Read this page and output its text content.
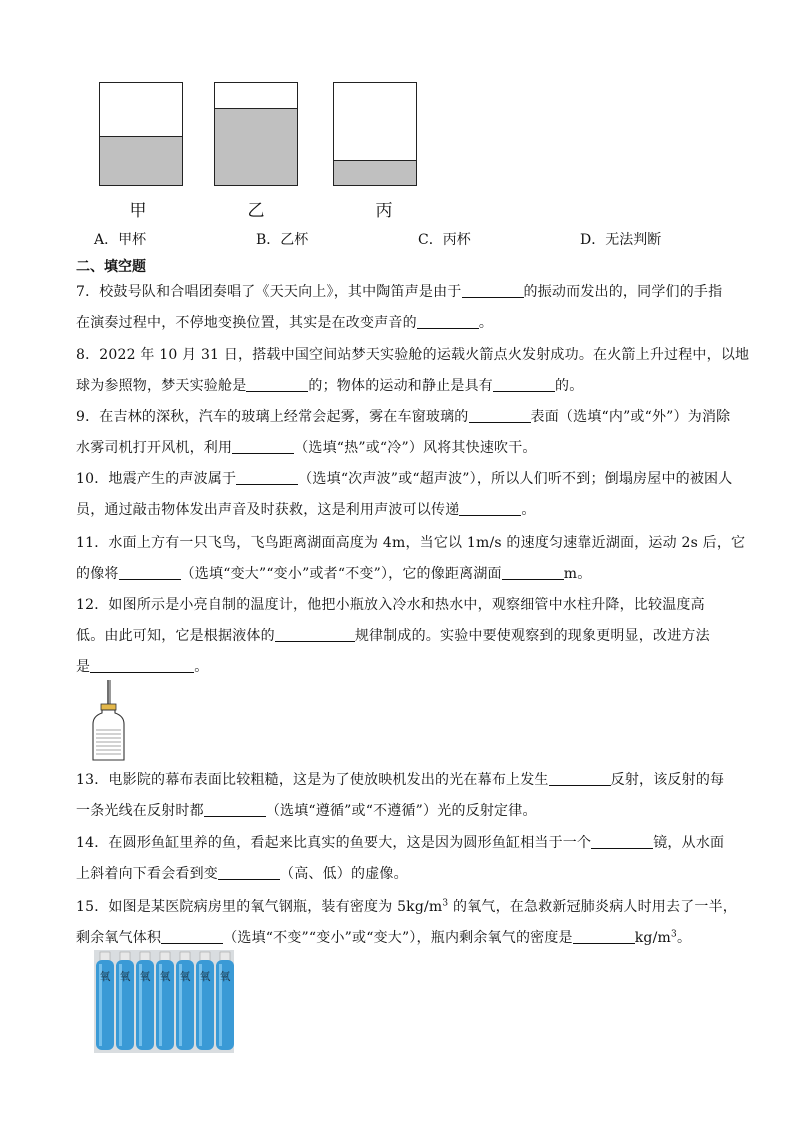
甲	乙	丙
A．甲杯	B．乙杯	C．丙杯	D．无法判断
二、填空题
7．校鼓号队和合唱团奏唱了《天天向上》，其中陶笛声是由于	的振动而发出的，同学们的手指
在演奏过程中，不停地变换位置，其实是在改变声音的	。
8．2022 年 10 月 31 日，搭载中国空间站梦天实验舱的运载火箭点火发射成功。在火箭上升过程中，以地
球为参照物，梦天实验舱是	的；物体的运动和静止是具有	的。
9．在吉林的深秋，汽车的玻璃上经常会起雾，雾在车窗玻璃的	表面（选填“内”或“外”）为消除
水雾司机打开风机，利用	（选填“热”或“冷”）风将其快速吹干。
10．地震产生的声波属于	（选填“次声波”或“超声波”），所以人们听不到；倒塌房屋中的被困人
员，通过敲击物体发出声音及时获救，这是利用声波可以传递	。
11．水面上方有一只飞鸟，飞鸟距离湖面高度为 4m，当它以 1m/s 的速度匀速靠近湖面，运动 2s 后，它
的像将	（选填“变大”“变小”或者“不变”），它的像距离湖面	m。
12．如图所示是小亮自制的温度计，他把小瓶放入冷水和热水中，观察细管中水柱升降，比较温度高
低。由此可知，它是根据液体的	规律制成的。实验中要使观察到的现象更明显，改进方法
是	。
13．电影院的幕布表面比较粗糙，这是为了使放映机发出的光在幕布上发生	反射，该反射的每
一条光线在反射时都	（选填“遵循”或“不遵循”）光的反射定律。
14．在圆形鱼缸里养的鱼，看起来比真实的鱼要大，这是因为圆形鱼缸相当于一个	镜，从水面
上斜着向下看会看到变	（高、低）的虚像。
15．如图是某医院病房里的氧气钢瓶，装有密度为 $5kg/m^3$ 的氧气，在急救新冠肺炎病人时用去了一半，
剩余氧气体积	（选填“不变”“变小”或“变大”），瓶内剩余氧气的密度是	$kg/m^3$。
氧 氧 氧 氧 氧 氧 氧
